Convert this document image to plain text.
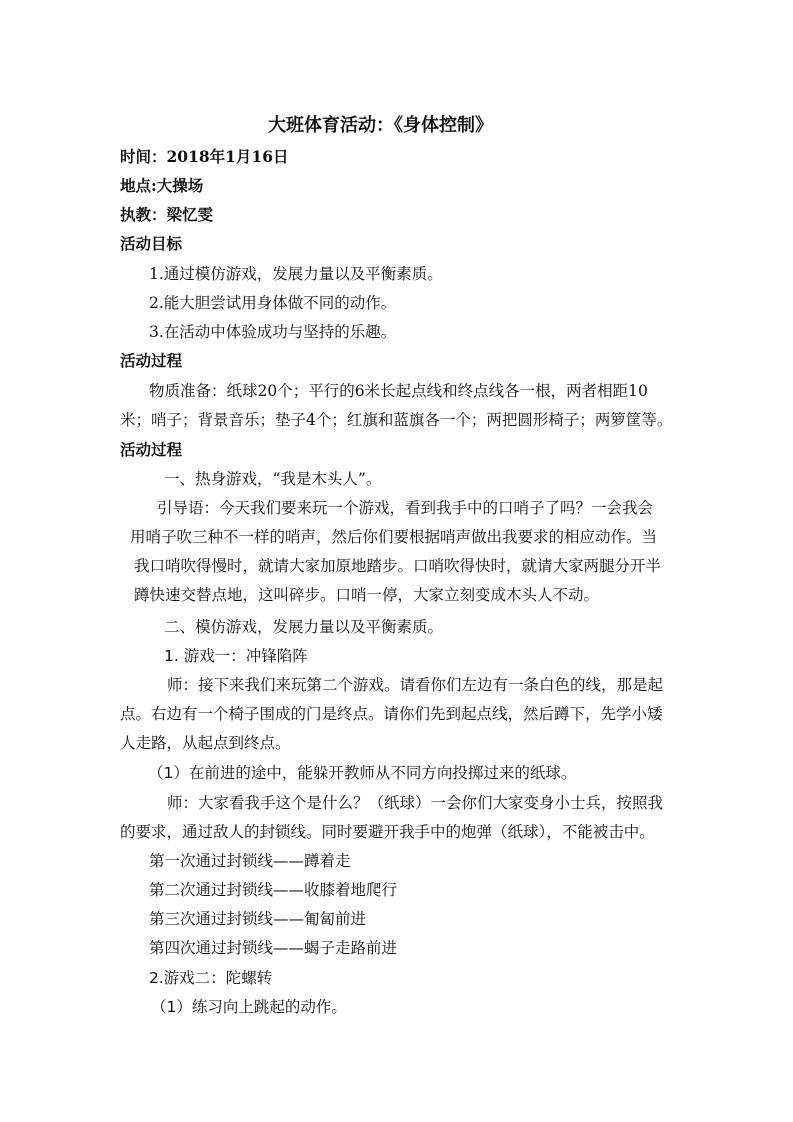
大班体育活动：《身体控制》
时间：2018年1月16日
地点:大操场
执教：梁忆雯
活动目标
1.通过模仿游戏，发展力量以及平衡素质。
2.能大胆尝试用身体做不同的动作。
3.在活动中体验成功与坚持的乐趣。
活动过程
物质准备：纸球20个；平行的6米长起点线和终点线各一根，两者相距10
米；哨子；背景音乐；垫子4个；红旗和蓝旗各一个；两把圆形椅子；两箩筐等。
活动过程
一、热身游戏，“我是木头人”。
引导语：今天我们要来玩一个游戏，看到我手中的口哨子了吗？一会我会
用哨子吹三种不一样的哨声，然后你们要根据哨声做出我要求的相应动作。当
我口哨吹得慢时，就请大家加原地踏步。口哨吹得快时，就请大家两腿分开半
蹲快速交替点地，这叫碎步。口哨一停，大家立刻变成木头人不动。
二、模仿游戏，发展力量以及平衡素质。
1. 游戏一：冲锋陷阵
师：接下来我们来玩第二个游戏。请看你们左边有一条白色的线，那是起
点。右边有一个椅子围成的门是终点。请你们先到起点线，然后蹲下，先学小矮
人走路，从起点到终点。
（1）在前进的途中，能躲开教师从不同方向投掷过来的纸球。
师：大家看我手这个是什么？（纸球）一会你们大家变身小士兵，按照我
的要求，通过敌人的封锁线。同时要避开我手中的炮弹（纸球），不能被击中。
第一次通过封锁线——蹲着走
第二次通过封锁线——收膝着地爬行
第三次通过封锁线——匍匐前进
第四次通过封锁线——蝎子走路前进
2.游戏二：陀螺转
（1）练习向上跳起的动作。
